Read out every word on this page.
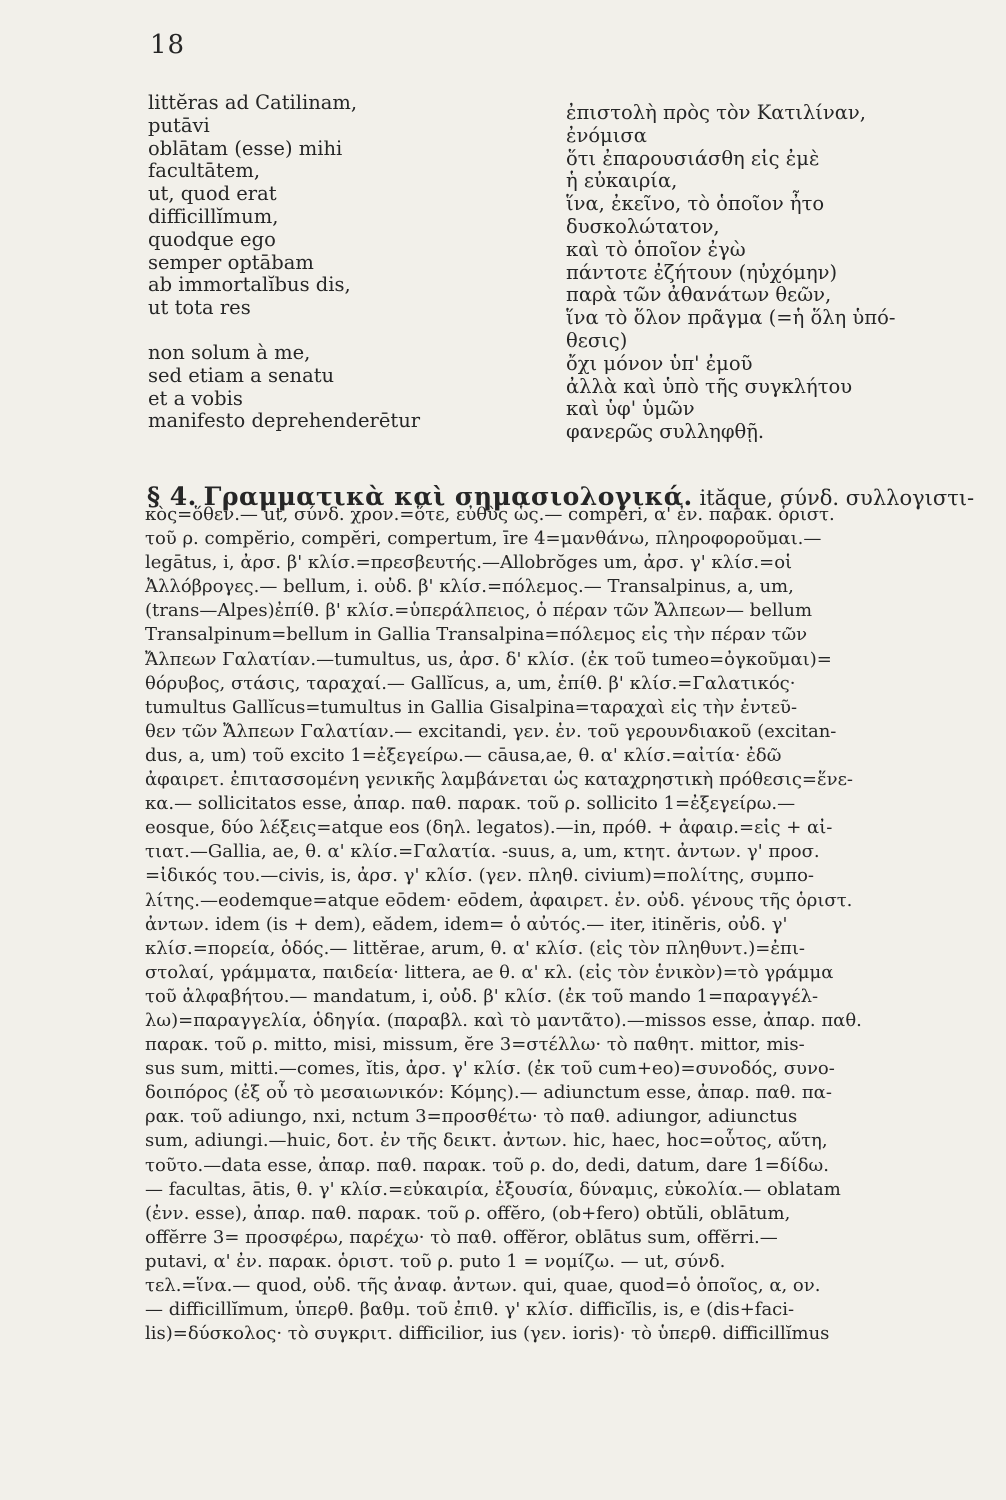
18
littĕras ad Catilinam,
putāvi
oblātam (esse) mihi
facultātem,
ut, quod erat
difficillĭmum,
quodque ego
semper optābam
ab immortalĭbus dis,
ut tota res
non solum à me,
sed etiam a senatu
et a vobis
manifesto deprehenderētur
ἐπιστολὴ πρὸς τὸν Κατιλίναν,
ἐνόμισα
ὅτι ἐπαρουσιάσθη εἰς ἐμὲ
ἡ εὐκαιρία,
ἵνα, ἐκεῖνο, τὸ ὁποῖον ἦτο
δυσκολώτατον,
καὶ τὸ ὁποῖον ἐγὼ
πάντοτε ἐζήτουν (ηὐχόμην)
παρὰ τῶν ἀθανάτων θεῶν,
ἵνα τὸ ὅλον πρᾶγμα (=ἡ ὅλη ὑπό-
θεσις)
ὄχι μόνον ὑπ' ἐμοῦ
ἀλλὰ καὶ ὑπὸ τῆς συγκλήτου
καὶ ὑφ' ὑμῶν
φανερῶς συλληφθῇ.
§ 4. Γραμματικὰ καὶ σημασιολογικά. ităque, σύνδ. συλλογιστι-
κὸς=ὅθεν.— ut, σύνδ. χρον.=ὅτε, εὐθὺς ὡς.— compĕri, α' ἐν. παρακ. ὁριστ.
τοῦ ρ. compĕrio, compĕri, compertum, īre 4=μανθάνω, πληροφοροῦμαι.—
legātus, i, ἀρσ. β' κλίσ.=πρεσβευτής.—Allobrŏges um, ἀρσ. γ' κλίσ.=οἱ
Ἀλλόβρογες.— bellum, i. οὐδ. β' κλίσ.=πόλεμος.— Transalpinus, a, um,
(trans—Alpes)ἐπίθ. β' κλίσ.=ὑπεράλπειος, ὁ πέραν τῶν Ἄλπεων— bellum
Transalpinum=bellum in Gallia Transalpina=πόλεμος εἰς τὴν πέραν τῶν
Ἄλπεων Γαλατίαν.—tumultus, us, ἀρσ. δ' κλίσ. (ἐκ τοῦ tumeo=ὀγκοῦμαι)=
θόρυβος, στάσις, ταραχαί.— Gallĭcus, a, um, ἐπίθ. β' κλίσ.=Γαλατικός·
tumultus Gallĭcus=tumultus in Gallia Gisalpina=ταραχαὶ εἰς τὴν ἐντεῦ-
θεν τῶν Ἄλπεων Γαλατίαν.— excitandi, γεν. ἐν. τοῦ γερουνδιακοῦ (excitan-
dus, a, um) τοῦ excito 1=ἐξεγείρω.— cāusa,ae, θ. α' κλίσ.=αἰτία· ἐδῶ
ἀφαιρετ. ἐπιτασσομένη γενικῆς λαμβάνεται ὡς καταχρηστικὴ πρόθεσις=ἕνε-
κα.— sollicitatos esse, ἀπαρ. παθ. παρακ. τοῦ ρ. sollicito 1=ἐξεγείρω.—
eosque, δύο λέξεις=atque eos (δηλ. legatos).—in, πρόθ. + ἀφαιρ.=εἰς + αἰ-
τιατ.—Gallia, ae, θ. α' κλίσ.=Γαλατία. -suus, a, um, κτητ. ἀντων. γ' προσ.
=ἰδικός του.—civis, is, ἀρσ. γ' κλίσ. (γεν. πληθ. civium)=πολίτης, συμπο-
λίτης.—eodemque=atque eōdem· eōdem, ἀφαιρετ. ἐν. οὐδ. γένους τῆς ὁριστ.
ἀντων. idem (is + dem), eădem, idem= ὁ αὐτός.— iter, itinĕris, οὐδ. γ'
κλίσ.=πορεία, ὁδός.— littĕrae, arum, θ. α' κλίσ. (εἰς τὸν πληθυντ.)=ἐπι-
στολαί, γράμματα, παιδεία· littera, ae θ. α' κλ. (εἰς τὸν ἑνικὸν)=τὸ γράμμα
τοῦ ἀλφαβήτου.— mandatum, i, οὐδ. β' κλίσ. (ἐκ τοῦ mando 1=παραγγέλ-
λω)=παραγγελία, ὁδηγία. (παραβλ. καὶ τὸ μαντᾶτο).—missos esse, ἀπαρ. παθ.
παρακ. τοῦ ρ. mitto, misi, missum, ĕre 3=στέλλω· τὸ παθητ. mittor, mis-
sus sum, mitti.—comes, ĭtis, ἀρσ. γ' κλίσ. (ἐκ τοῦ cum+eo)=συνοδός, συνο-
δοιπόρος (ἐξ οὗ τὸ μεσαιωνικόν: Κόμης).— adiunctum esse, ἀπαρ. παθ. πα-
ρακ. τοῦ adiungo, nxi, nctum 3=προσθέτω· τὸ παθ. adiungor, adiunctus
sum, adiungi.—huic, δοτ. ἐν τῆς δεικτ. ἀντων. hic, haec, hoc=οὗτος, αὕτη,
τοῦτο.—data esse, ἀπαρ. παθ. παρακ. τοῦ ρ. do, dedi, datum, dare 1=δίδω.
— facultas, ātis, θ. γ' κλίσ.=εὐκαιρία, ἐξουσία, δύναμις, εὐκολία.— oblatam
(ἐνν. esse), ἀπαρ. παθ. παρακ. τοῦ ρ. offĕro, (ob+fero) obtŭli, oblātum,
offĕrre 3= προσφέρω, παρέχω· τὸ παθ. offĕror, oblātus sum, offĕrri.—
putavi, α' ἐν. παρακ. ὁριστ. τοῦ ρ. puto 1 = νομίζω. — ut, σύνδ.
τελ.=ἵνα.— quod, οὐδ. τῆς ἀναφ. ἀντων. qui, quae, quod=ὁ ὁποῖος, α, ον.
— difficillĭmum, ὑπερθ. βαθμ. τοῦ ἐπιθ. γ' κλίσ. difficĭlis, is, e (dis+faci-
lis)=δύσκολος· τὸ συγκριτ. difficilior, ius (γεν. ioris)· τὸ ὑπερθ. difficillĭmus
